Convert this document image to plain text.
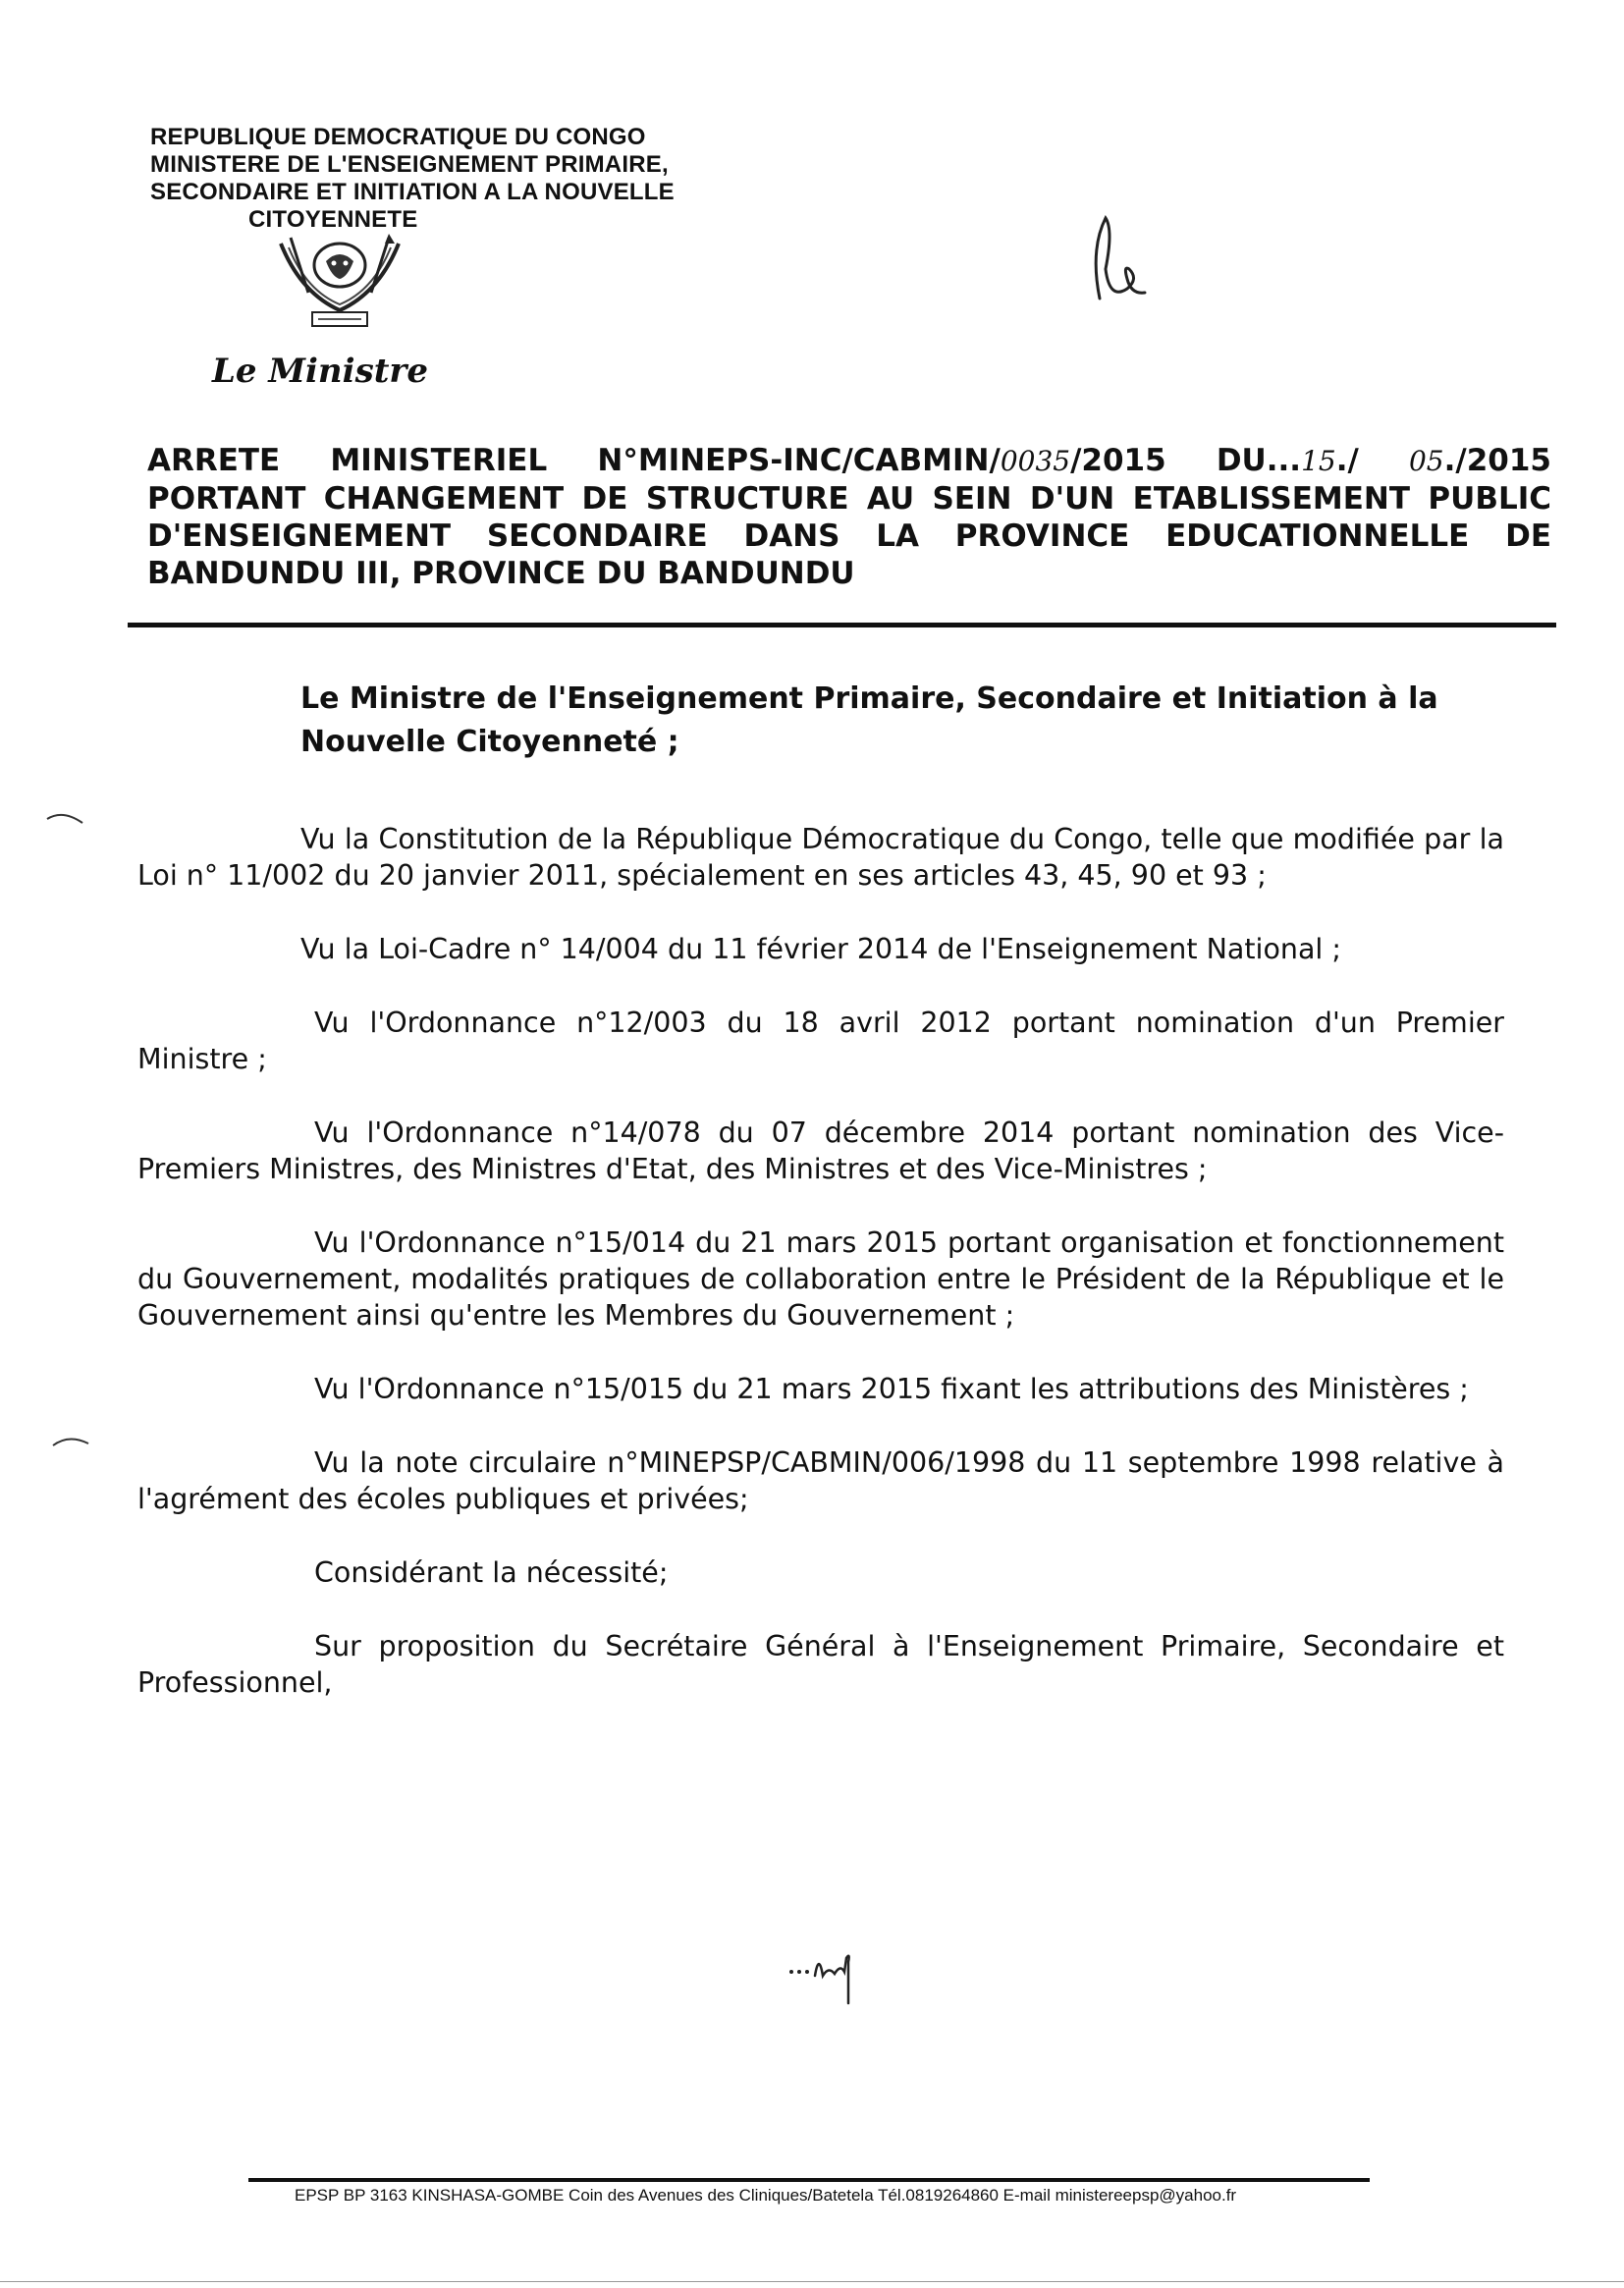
REPUBLIQUE DEMOCRATIQUE DU CONGO
MINISTERE DE L'ENSEIGNEMENT PRIMAIRE,
SECONDAIRE ET INITIATION A LA NOUVELLE
CITOYENNETE
Le Ministre
ARRETE MINISTERIEL N°MINEPS-INC/CABMIN/0035/2015 DU...15./ 05./2015
PORTANT CHANGEMENT DE STRUCTURE AU SEIN D'UN ETABLISSEMENT PUBLIC
D'ENSEIGNEMENT SECONDAIRE DANS LA PROVINCE EDUCATIONNELLE DE
BANDUNDU III, PROVINCE DU BANDUNDU
Le Ministre de l'Enseignement Primaire, Secondaire et Initiation à la Nouvelle Citoyenneté ;
Vu la Constitution de la République Démocratique du Congo, telle que modifiée par la Loi n° 11/002 du 20 janvier 2011, spécialement en ses articles 43, 45, 90 et 93 ;
Vu la Loi-Cadre n° 14/004 du 11 février 2014 de l'Enseignement National ;
Vu l'Ordonnance n°12/003 du 18 avril 2012 portant nomination d'un Premier Ministre ;
Vu l'Ordonnance n°14/078 du 07 décembre 2014 portant nomination des Vice-Premiers Ministres, des Ministres d'Etat, des Ministres et des Vice-Ministres ;
Vu l'Ordonnance n°15/014 du 21 mars 2015 portant organisation et fonctionnement du Gouvernement, modalités pratiques de collaboration entre le Président de la République et le Gouvernement ainsi qu'entre les Membres du Gouvernement ;
Vu l'Ordonnance n°15/015 du 21 mars 2015 fixant les attributions des Ministères ;
Vu la note circulaire n°MINEPSP/CABMIN/006/1998 du 11 septembre 1998 relative à l'agrément des écoles publiques et privées;
Considérant la nécessité;
Sur proposition du Secrétaire Général à l'Enseignement Primaire, Secondaire et Professionnel,
EPSP BP 3163 KINSHASA-GOMBE Coin des Avenues des Cliniques/Batetela Tél.0819264860 E-mail ministereepsp@yahoo.fr
